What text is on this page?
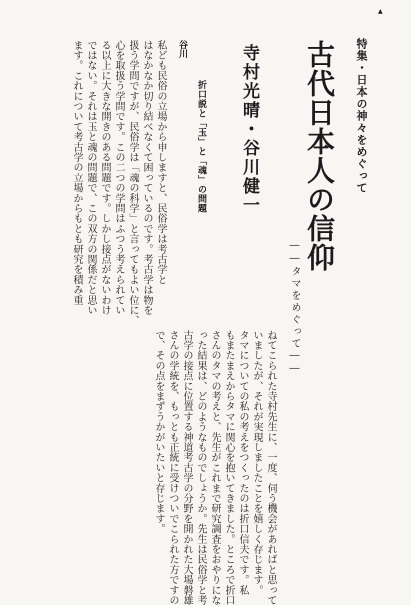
▲
特集・日本の神々をめぐって
古代日本人の信仰
――タマをめぐって――
寺村光晴・谷川健一
折口説と「玉」と「魂」の問題
谷川
私ども民俗の立場から申しますと、民俗学は考古学と
はなかなか切り結べなくて困っているのです。考古学は物を
扱う学問ですが、民俗学は「魂の科学」と言ってもよい位に、
心を取扱う学問です。この二つの学問はふつう考えられてい
る以上に大きな開きのある問題です。しかし接点がないわけ
ではない。それは玉と魂の問題で、この双方の関係だと思い
ます。これについて考古学の立場からもとも研究を積み重
ねてこられた寺村先生に、一度、伺う機会があればと思って
いましたが、それが実現しましたことを嬉しく存じます。
タマについての私の考えをつくったのは折口信夫です。私
もまたまえからタマに関心を抱いてきました。ところで折口
さんのタマの考えと、先生がこれまで研究調査をおやりにな
った結果は、どのようなものでしょうか。先生は民俗学と考
古学の接点に位置する神道考古学の分野を開かれた大場磐雄
さんの学統を、もっとも正統に受けついでこられた方ですの
で、その点をまずうかがいたいと存じます。
